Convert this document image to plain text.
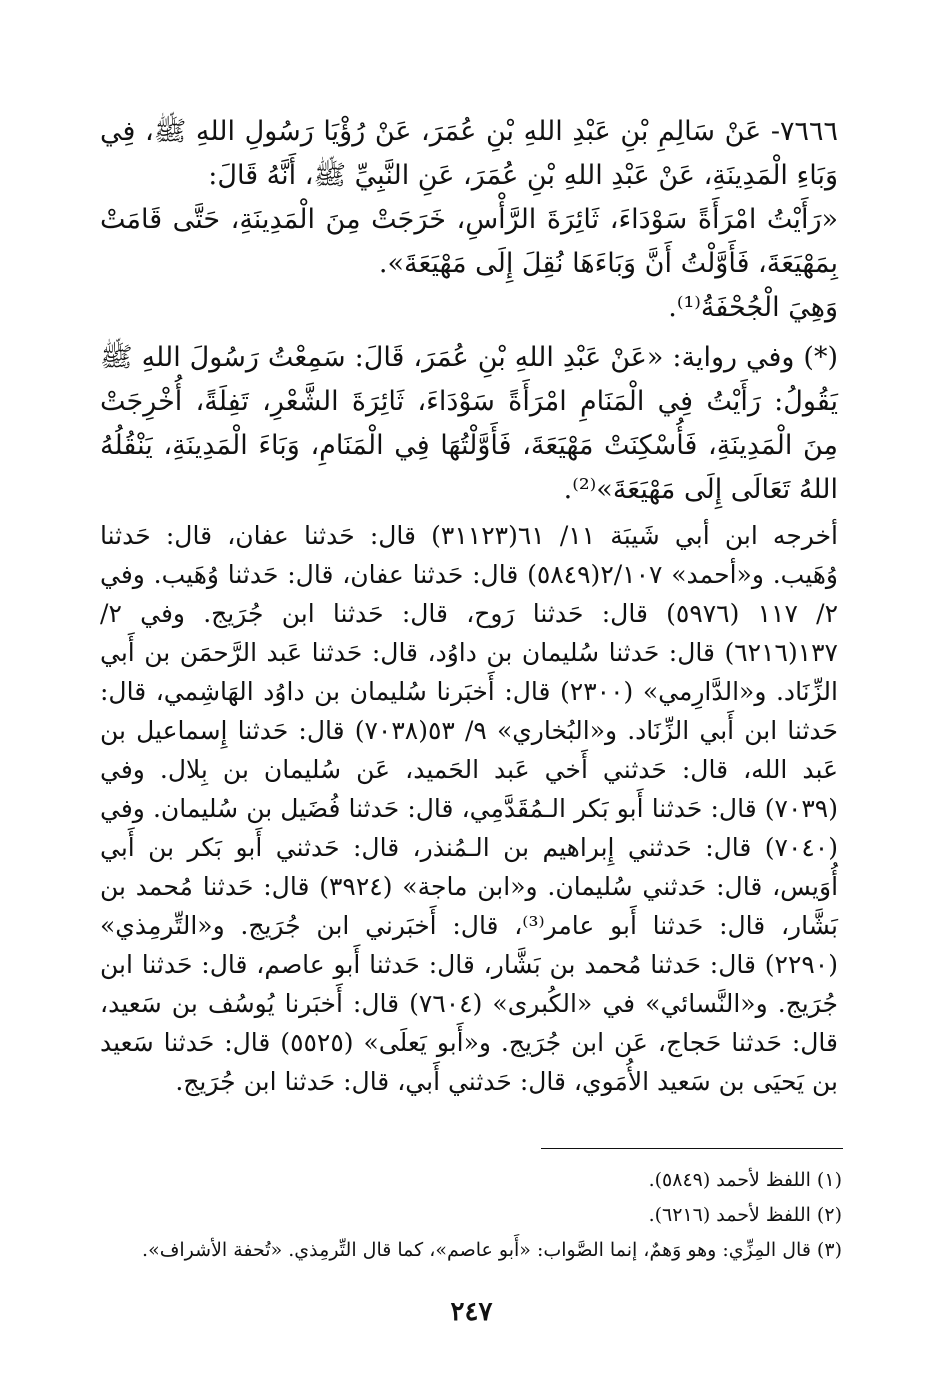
٧٦٦٦- عَنْ سَالِمِ بْنِ عَبْدِ اللهِ بْنِ عُمَرَ، عَنْ رُؤْيَا رَسُولِ اللهِ ﷺ، فِي وَبَاءِ الْمَدِينَةِ، عَنْ عَبْدِ اللهِ بْنِ عُمَرَ، عَنِ النَّبِيِّ ﷺ، أَنَّهُ قَالَ:

«رَأَيْتُ امْرَأَةً سَوْدَاءَ، ثَائِرَةَ الرَّأْسِ، خَرَجَتْ مِنَ الْمَدِينَةِ، حَتَّى قَامَتْ بِمَهْيَعَةَ، فَأَوَّلْتُ أَنَّ وَبَاءَهَا نُقِلَ إِلَى مَهْيَعَةَ».

وَهِيَ الْجُحْفَةُ⁽¹⁾.

(*) وفي رواية: «عَنْ عَبْدِ اللهِ بْنِ عُمَرَ، قَالَ: سَمِعْتُ رَسُولَ اللهِ ﷺ يَقُولُ: رَأَيْتُ فِي الْمَنَامِ امْرَأَةً سَوْدَاءَ، ثَائِرَةَ الشَّعْرِ، تَفِلَةً، أُخْرِجَتْ مِنَ الْمَدِينَةِ، فَأُسْكِنَتْ مَهْيَعَةَ، فَأَوَّلْتُهَا فِي الْمَنَامِ، وَبَاءَ الْمَدِينَةِ، يَنْقُلُهُ اللهُ تَعَالَى إِلَى مَهْيَعَةَ»⁽²⁾.

أخرجه ابن أبي شَيبَة ١١/ ٦١(٣١١٢٣) قال: حَدثنا عفان، قال: حَدثنا وُهَيب. و«أحمد» ٢/١٠٧(٥٨٤٩) قال: حَدثنا عفان، قال: حَدثنا وُهَيب. وفي ٢/ ١١٧ (٥٩٧٦) قال: حَدثنا رَوح، قال: حَدثنا ابن جُرَيج. وفي ٢/ ١٣٧(٦٢١٦) قال: حَدثنا سُليمان بن داوُد، قال: حَدثنا عَبد الرَّحمَن بن أَبي الزِّنَاد. و«الدَّارِمي» (٢٣٠٠) قال: أَخبَرنا سُليمان بن داوُد الهَاشِمي، قال: حَدثنا ابن أَبي الزِّنَاد. و«البُخاري» ٩/ ٥٣(٧٠٣٨) قال: حَدثنا إِسماعيل بن عَبد الله، قال: حَدثني أَخي عَبد الحَميد، عَن سُليمان بن بِلال. وفي (٧٠٣٩) قال: حَدثنا أَبو بَكر الـمُقَدَّمِي، قال: حَدثنا فُضَيل بن سُليمان. وفي (٧٠٤٠) قال: حَدثني إِبراهيم بن الـمُنذر، قال: حَدثني أَبو بَكر بن أَبي أُوَيس، قال: حَدثني سُليمان. و«ابن ماجة» (٣٩٢٤) قال: حَدثنا مُحمد بن بَشَّار، قال: حَدثنا أَبو عامر⁽³⁾، قال: أَخبَرني ابن جُرَيج. و«التِّرمِذي» (٢٢٩٠) قال: حَدثنا مُحمد بن بَشَّار، قال: حَدثنا أَبو عاصم، قال: حَدثنا ابن جُرَيج. و«النَّسائي» في «الكُبرى» (٧٦٠٤) قال: أَخبَرنا يُوسُف بن سَعيد، قال: حَدثنا حَجاج، عَن ابن جُرَيج. و«أَبو يَعلَى» (٥٥٢٥) قال: حَدثنا سَعيد بن يَحيَى بن سَعيد الأُمَوي، قال: حَدثني أَبي، قال: حَدثنا ابن جُرَيج.

(١) اللفظ لأحمد (٥٨٤٩).

(٢) اللفظ لأحمد (٦٢١٦).

(٣) قال المِزِّي: وهو وَهمٌ، إنما الصَّواب: «أَبو عاصم»، كما قال التِّرمِذي. «تُحفة الأشراف».

٢٤٧
